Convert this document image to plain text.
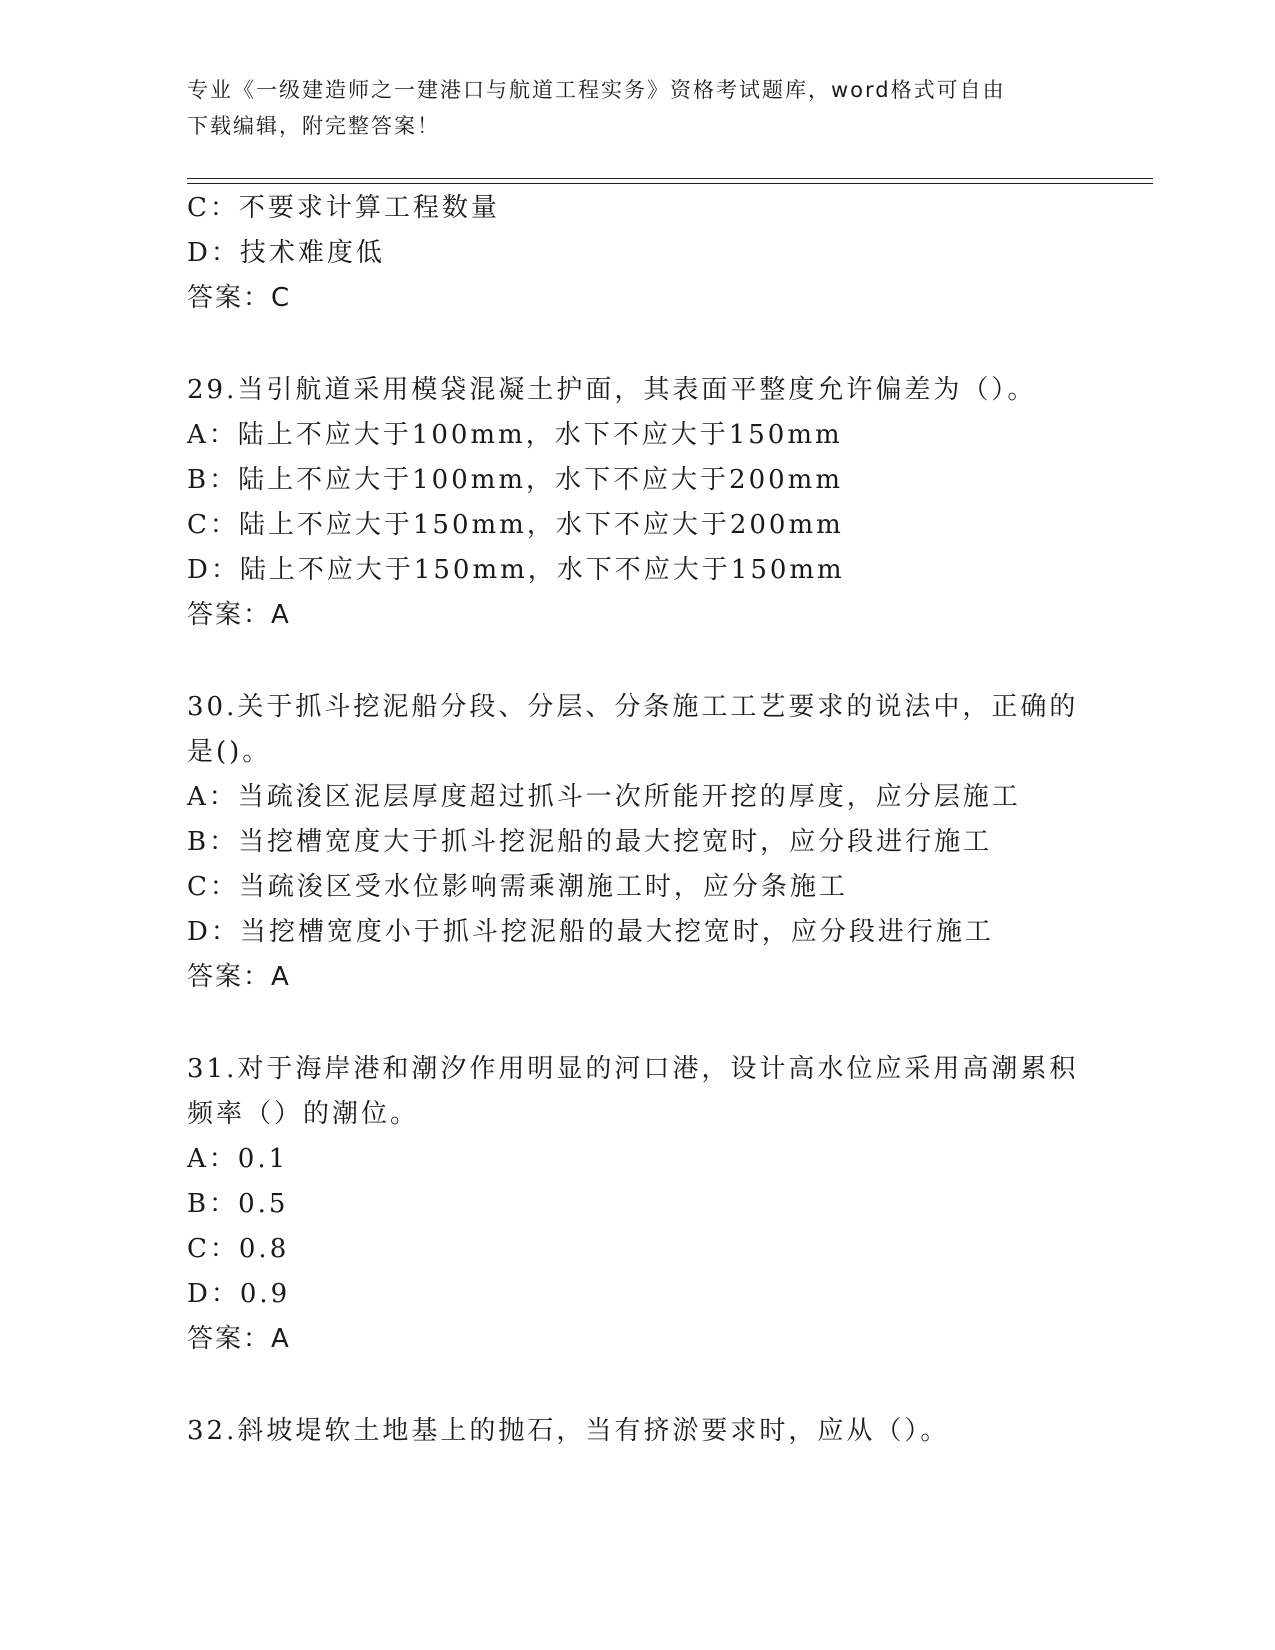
专业《一级建造师之一建港口与航道工程实务》资格考试题库，word格式可自由
下载编辑，附完整答案！
C：不要求计算工程数量
D：技术难度低
答案：C
29.当引航道采用模袋混凝土护面，其表面平整度允许偏差为（）。
A：陆上不应大于100mm，水下不应大于150mm
B：陆上不应大于100mm，水下不应大于200mm
C：陆上不应大于150mm，水下不应大于200mm
D：陆上不应大于150mm，水下不应大于150mm
答案：A
30.关于抓斗挖泥船分段、分层、分条施工工艺要求的说法中，正确的
是()。
A：当疏浚区泥层厚度超过抓斗一次所能开挖的厚度，应分层施工
B：当挖槽宽度大于抓斗挖泥船的最大挖宽时，应分段进行施工
C：当疏浚区受水位影响需乘潮施工时，应分条施工
D：当挖槽宽度小于抓斗挖泥船的最大挖宽时，应分段进行施工
答案：A
31.对于海岸港和潮汐作用明显的河口港，设计高水位应采用高潮累积
频率（）的潮位。
A：0.1
B：0.5
C：0.8
D：0.9
答案：A
32.斜坡堤软土地基上的抛石，当有挤淤要求时，应从（）。
